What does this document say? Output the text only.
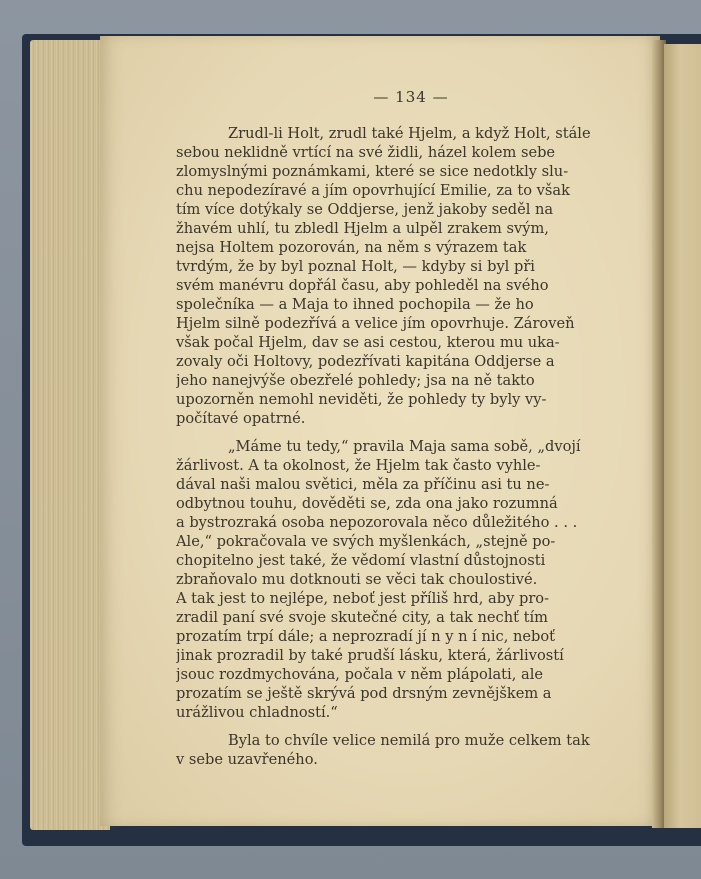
— 134 —

Zrudl-li Holt, zrudl také Hjelm, a když Holt, stále
sebou neklidně vrtící na své židli, házel kolem sebe
zlomyslnými poznámkami, které se sice nedotkly slu-
chu nepodezíravé a jím opovrhující Emilie, za to však
tím více dotýkaly se Oddjerse, jenž jakoby seděl na
žhavém uhlí, tu zbledl Hjelm a ulpěl zrakem svým,
nejsa Holtem pozorován, na něm s výrazem tak
tvrdým, že by byl poznal Holt, — kdyby si byl při
svém manévru dopřál času, aby pohleděl na svého
společníka — a Maja to ihned pochopila — že ho
Hjelm silně podezřívá a velice jím opovrhuje. Zároveň
však počal Hjelm, dav se asi cestou, kterou mu uka-
zovaly oči Holtovy, podezřívati kapitána Oddjerse a
jeho nanejvýše obezřelé pohledy; jsa na ně takto
upozorněn nemohl neviděti, že pohledy ty byly vy-
počítavé opatrné.

„Máme tu tedy,“ pravila Maja sama sobě, „dvojí
žárlivost. A ta okolnost, že Hjelm tak často vyhle-
dával naši malou světici, měla za příčinu asi tu ne-
odbytnou touhu, dověděti se, zda ona jako rozumná
a bystrozraká osoba nepozorovala něco důležitého . . .
Ale,“ pokračovala ve svých myšlenkách, „stejně po-
chopitelno jest také, že vědomí vlastní důstojnosti
zbraňovalo mu dotknouti se věci tak choulostivé.
A tak jest to nejlépe, neboť jest příliš hrd, aby pro-
zradil paní své svoje skutečné city, a tak nechť tím
prozatím trpí dále; a neprozradí jí n y n í nic, neboť
jinak prozradil by také prudší lásku, která, žárlivostí
jsouc rozdmychována, počala v něm plápolati, ale
prozatím se ještě skrývá pod drsným zevnějškem a
urážlivou chladností.“

Byla to chvíle velice nemilá pro muže celkem tak
v sebe uzavřeného.
